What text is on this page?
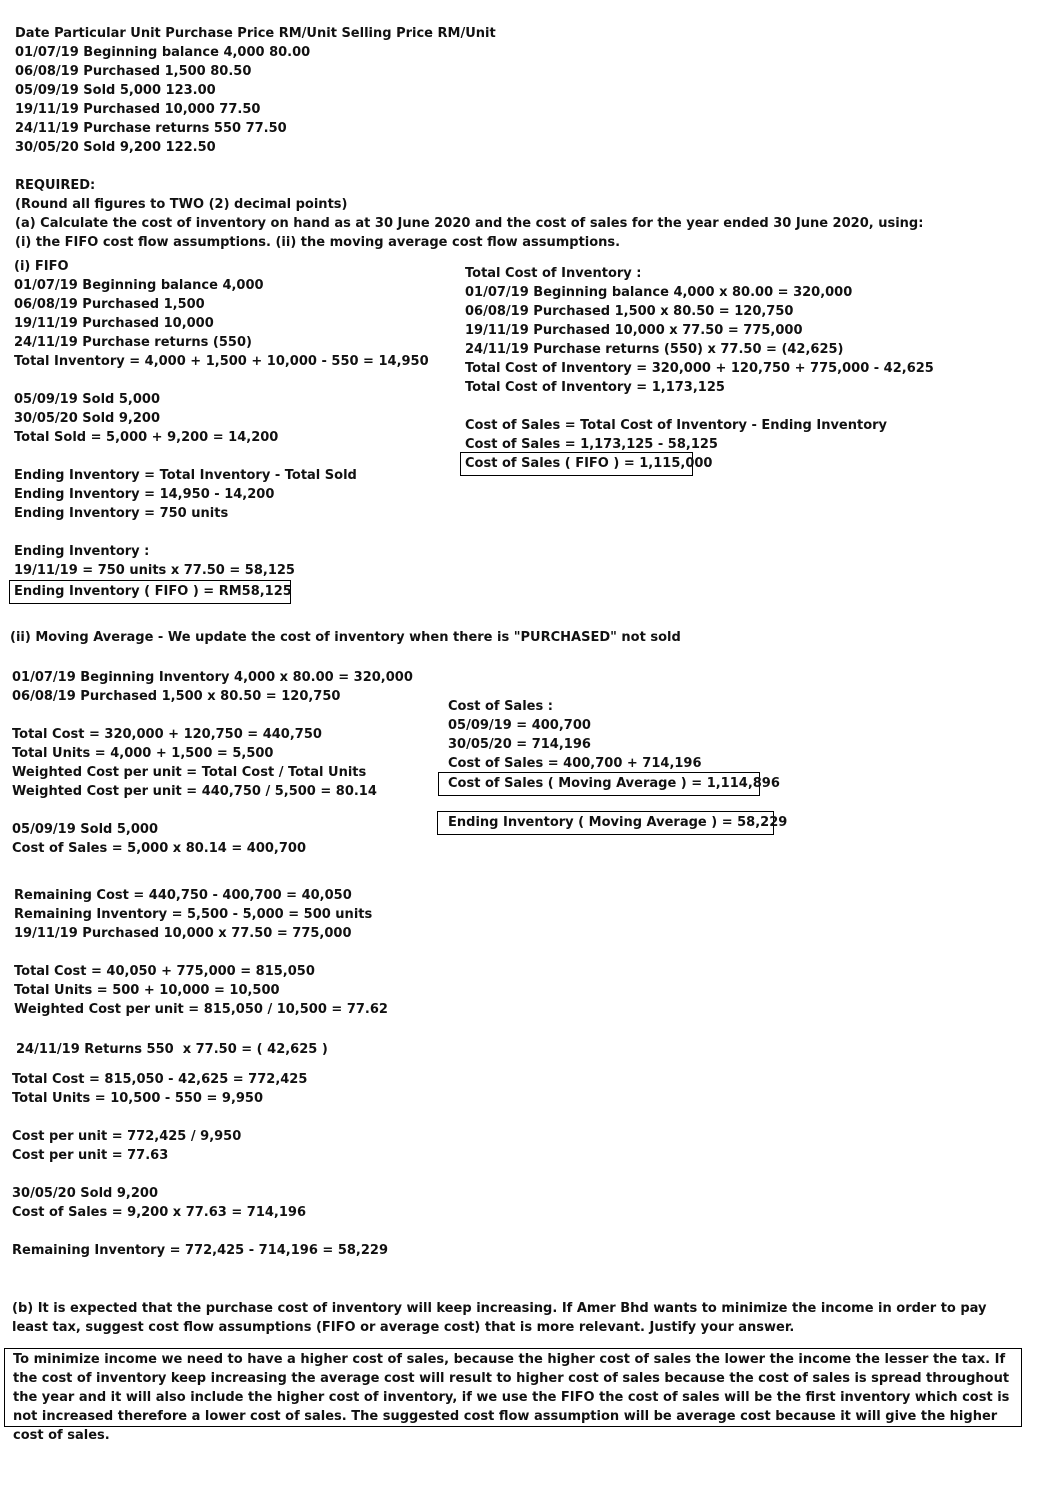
Date Particular Unit Purchase Price RM/Unit Selling Price RM/Unit
01/07/19 Beginning balance 4,000 80.00
06/08/19 Purchased 1,500 80.50
05/09/19 Sold 5,000 123.00
19/11/19 Purchased 10,000 77.50
24/11/19 Purchase returns 550 77.50
30/05/20 Sold 9,200 122.50
REQUIRED:
(Round all figures to TWO (2) decimal points)
(a) Calculate the cost of inventory on hand as at 30 June 2020 and the cost of sales for the year ended 30 June 2020, using:
(i) the FIFO cost flow assumptions. (ii) the moving average cost flow assumptions.
(i) FIFO
01/07/19 Beginning balance 4,000
06/08/19 Purchased 1,500
19/11/19 Purchased 10,000
24/11/19 Purchase returns (550)
Total Inventory = 4,000 + 1,500 + 10,000 - 550 = 14,950
05/09/19 Sold 5,000
30/05/20 Sold 9,200
Total Sold = 5,000 + 9,200 = 14,200
Ending Inventory = Total Inventory - Total Sold
Ending Inventory = 14,950 - 14,200
Ending Inventory = 750 units
Ending Inventory :
19/11/19 = 750 units x 77.50 = 58,125
Ending Inventory ( FIFO ) = RM58,125
Total Cost of Inventory :
01/07/19 Beginning balance 4,000 x 80.00 = 320,000
06/08/19 Purchased 1,500 x 80.50 = 120,750
19/11/19 Purchased 10,000 x 77.50 = 775,000
24/11/19 Purchase returns (550) x 77.50 = (42,625)
Total Cost of Inventory = 320,000 + 120,750 + 775,000 - 42,625
Total Cost of Inventory = 1,173,125
Cost of Sales = Total Cost of Inventory - Ending Inventory
Cost of Sales = 1,173,125 - 58,125
Cost of Sales ( FIFO ) = 1,115,000
(ii) Moving Average - We update the cost of inventory when there is "PURCHASED" not sold
01/07/19 Beginning Inventory 4,000 x 80.00 = 320,000
06/08/19 Purchased 1,500 x 80.50 = 120,750
Total Cost = 320,000 + 120,750 = 440,750
Total Units = 4,000 + 1,500 = 5,500
Weighted Cost per unit = Total Cost / Total Units
Weighted Cost per unit = 440,750 / 5,500 = 80.14
05/09/19 Sold 5,000
Cost of Sales = 5,000 x 80.14 = 400,700
Remaining Cost = 440,750 - 400,700 = 40,050
Remaining Inventory = 5,500 - 5,000 = 500 units
19/11/19 Purchased 10,000 x 77.50 = 775,000
Total Cost = 40,050 + 775,000 = 815,050
Total Units = 500 + 10,000 = 10,500
Weighted Cost per unit = 815,050 / 10,500 = 77.62
24/11/19 Returns 550  x 77.50 = ( 42,625 )
Total Cost = 815,050 - 42,625 = 772,425
Total Units = 10,500 - 550 = 9,950
Cost per unit = 772,425 / 9,950
Cost per unit = 77.63
30/05/20 Sold 9,200
Cost of Sales = 9,200 x 77.63 = 714,196
Remaining Inventory = 772,425 - 714,196 = 58,229
Cost of Sales :
05/09/19 = 400,700
30/05/20 = 714,196
Cost of Sales = 400,700 + 714,196
Cost of Sales ( Moving Average ) = 1,114,896
Ending Inventory ( Moving Average ) = 58,229
(b) It is expected that the purchase cost of inventory will keep increasing. If Amer Bhd wants to minimize the income in order to pay least tax, suggest cost flow assumptions (FIFO or average cost) that is more relevant. Justify your answer.
To minimize income we need to have a higher cost of sales, because the higher cost of sales the lower the income the lesser the tax. If the cost of inventory keep increasing the average cost will result to higher cost of sales because the cost of sales is spread throughout the year and it will also include the higher cost of inventory, if we use the FIFO the cost of sales will be the first inventory which cost is not increased therefore a lower cost of sales. The suggested cost flow assumption will be average cost because it will give the higher cost of sales.
